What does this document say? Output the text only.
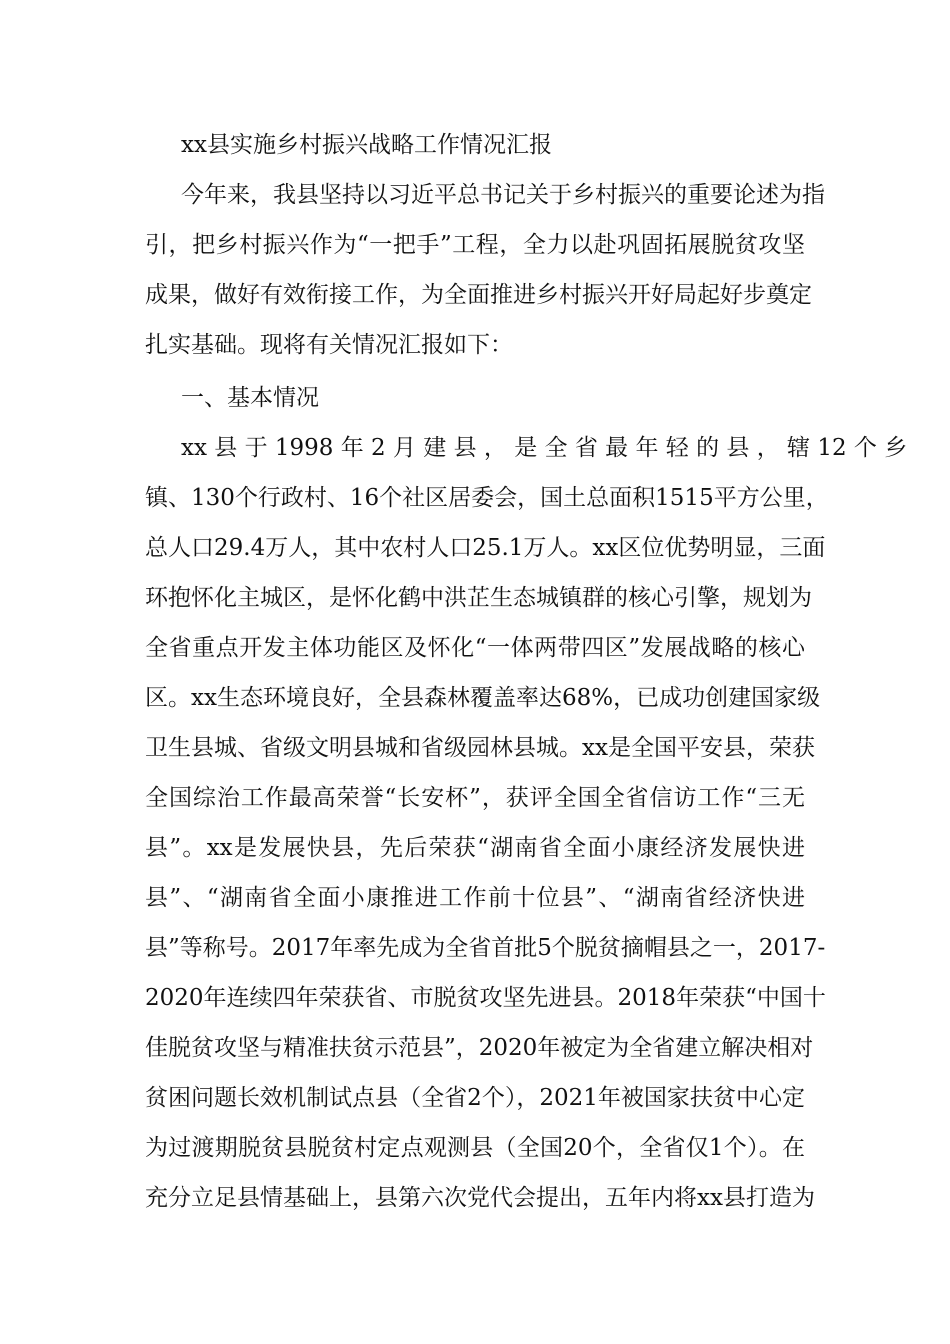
xx县实施乡村振兴战略工作情况汇报
今年来，我县坚持以习近平总书记关于乡村振兴的重要论述为指
引，把乡村振兴作为“一把手”工程，全力以赴巩固拓展脱贫攻坚
成果，做好有效衔接工作，为全面推进乡村振兴开好局起好步奠定
扎实基础。现将有关情况汇报如下：
一、基本情况
xx 县 于 1998 年 2 月 建 县 ， 是 全 省 最 年 轻 的 县 ， 辖 12 个 乡
镇、130个行政村、16个社区居委会，国土总面积1515平方公里，
总人口29.4万人，其中农村人口25.1万人。xx区位优势明显，三面
环抱怀化主城区，是怀化鹤中洪芷生态城镇群的核心引擎，规划为
全省重点开发主体功能区及怀化“一体两带四区”发展战略的核心
区。xx生态环境良好，全县森林覆盖率达68%，已成功创建国家级
卫生县城、省级文明县城和省级园林县城。xx是全国平安县，荣获
全国综治工作最高荣誉“长安杯”，获评全国全省信访工作“三无
县”。xx是发展快县，先后荣获“湖南省全面小康经济发展快进
县”、“湖南省全面小康推进工作前十位县”、“湖南省经济快进
县”等称号。2017年率先成为全省首批5个脱贫摘帽县之一，2017-
2020年连续四年荣获省、市脱贫攻坚先进县。2018年荣获“中国十
佳脱贫攻坚与精准扶贫示范县”，2020年被定为全省建立解决相对
贫困问题长效机制试点县（全省2个），2021年被国家扶贫中心定
为过渡期脱贫县脱贫村定点观测县（全国20个，全省仅1个）。在
充分立足县情基础上，县第六次党代会提出，五年内将xx县打造为
